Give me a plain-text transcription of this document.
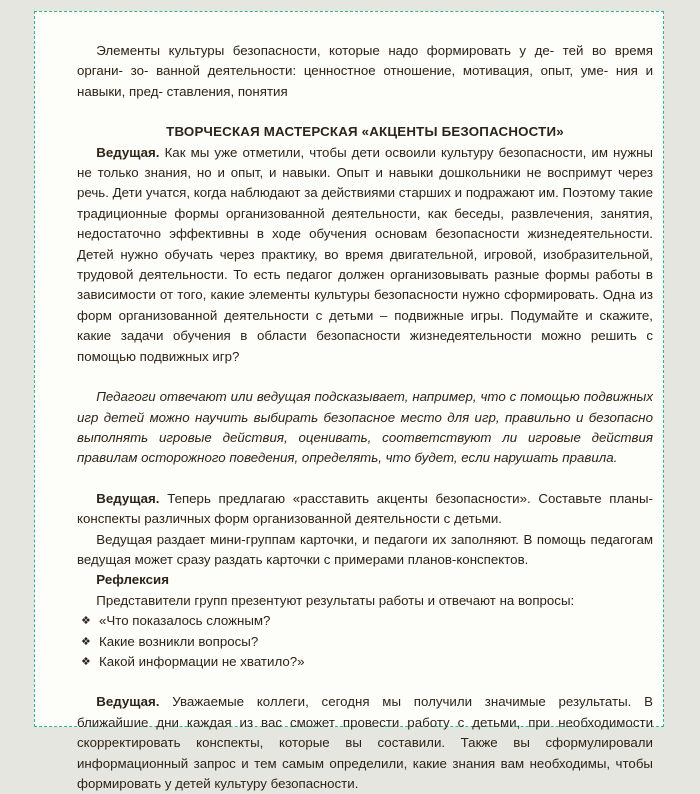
Элементы культуры безопасности, которые надо формировать у де- тей во время органи- зо- ванной деятельности: ценностное отношение, мотивация, опыт, уме- ния и навыки, пред- ставления, понятия

ТВОРЧЕСКАЯ МАСТЕРСКАЯ «АКЦЕНТЫ БЕЗОПАСНОСТИ»

Ведущая. Как мы уже отметили, чтобы дети освоили культуру безопасности, им нужны не только знания, но и опыт, и навыки. Опыт и навыки дошкольники не воспримут через речь. Дети учатся, когда наблюдают за действиями старших и подражают им. Поэтому такие традиционные формы организованной деятельности, как беседы, развлечения, занятия, недостаточно эффективны в ходе обучения основам безопасности жизнедеятельности. Детей нужно обучать через практику, во время двигательной, игровой, изобразительной, трудовой деятельности. То есть педагог должен организовывать разные формы работы в зависимости от того, какие элементы культуры безопасности нужно сформировать. Одна из форм организованной деятельности с детьми – подвижные игры. Подумайте и скажите, какие задачи обучения в области безопасности жизнедеятельности можно решить с помощью подвижных игр?

Педагоги отвечают или ведущая подсказывает, например, что с помощью подвижных игр детей можно научить выбирать безопасное место для игр, правильно и безопасно выполнять игровые действия, оценивать, соответствуют ли игровые действия правилам осторожного поведения, определять, что будет, если нарушать правила.

Ведущая. Теперь предлагаю «расставить акценты безопасности». Составьте планы-конспекты различных форм организованной деятельности с детьми.

Ведущая раздает мини-группам карточки, и педагоги их заполняют. В помощь педагогам ведущая может сразу раздать карточки с примерами планов-конспектов.

Рефлексия

Представители групп презентуют результаты работы и отвечают на вопросы:

❖ «Что показалось сложным?
❖ Какие возникли вопросы?
❖ Какой информации не хватило?»

Ведущая. Уважаемые коллеги, сегодня мы получили значимые результаты. В ближайшие дни каждая из вас сможет провести работу с детьми, при необходимости скорректировать конспекты, которые вы составили. Также вы сформулировали информационный запрос и тем самым определили, какие знания вам необходимы, чтобы формировать у детей культуру безопасности.
